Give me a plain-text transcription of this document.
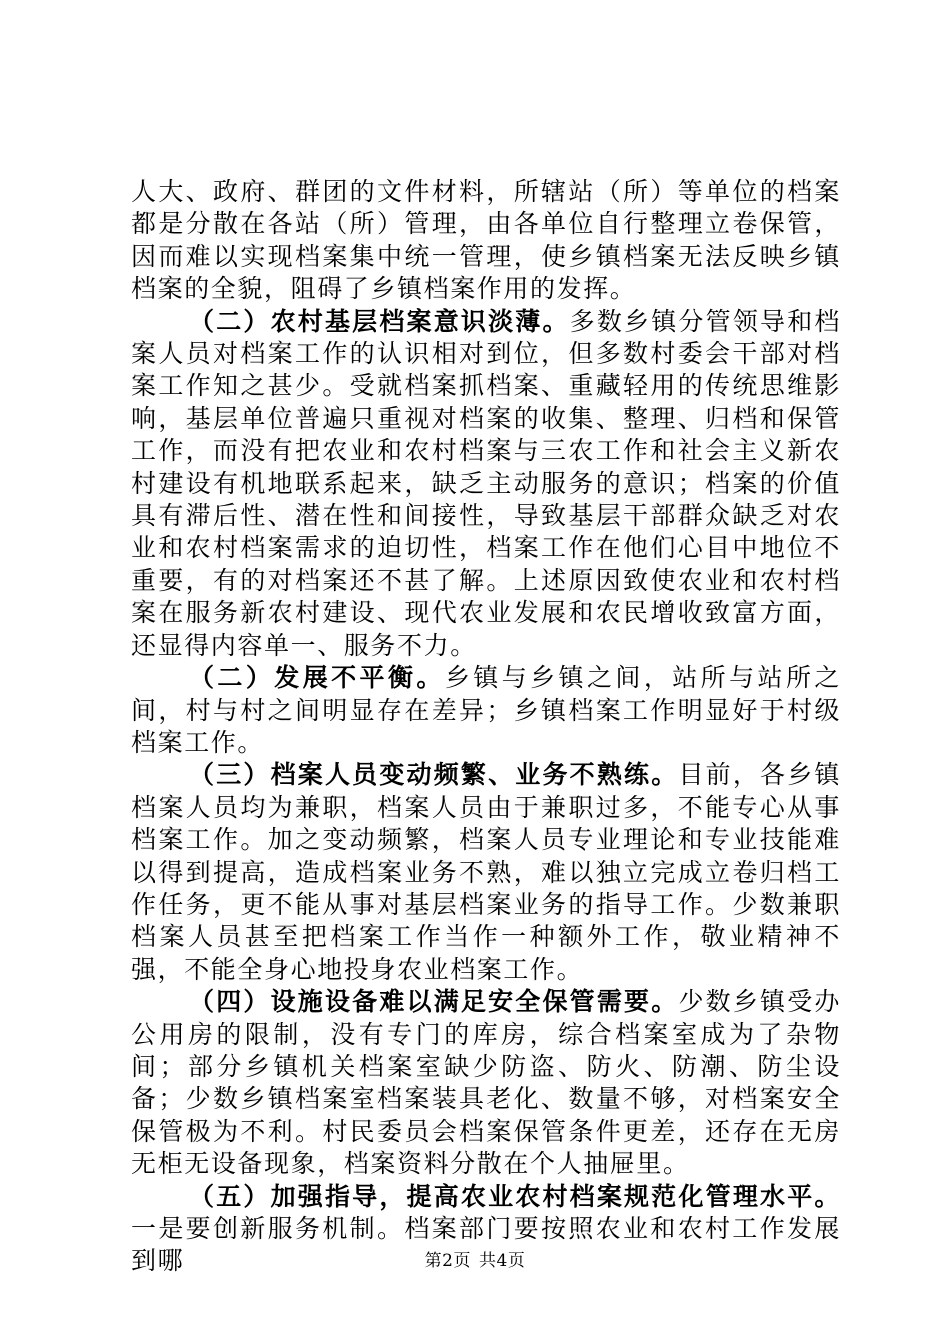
人大、政府、群团的文件材料，所辖站（所）等单位的档案都是分散在各站（所）管理，由各单位自行整理立卷保管，因而难以实现档案集中统一管理，使乡镇档案无法反映乡镇档案的全貌，阻碍了乡镇档案作用的发挥。

（二）农村基层档案意识淡薄。多数乡镇分管领导和档案人员对档案工作的认识相对到位，但多数村委会干部对档案工作知之甚少。受就档案抓档案、重藏轻用的传统思维影响，基层单位普遍只重视对档案的收集、整理、归档和保管工作，而没有把农业和农村档案与三农工作和社会主义新农村建设有机地联系起来，缺乏主动服务的意识；档案的价值具有滞后性、潜在性和间接性，导致基层干部群众缺乏对农业和农村档案需求的迫切性，档案工作在他们心目中地位不重要，有的对档案还不甚了解。上述原因致使农业和农村档案在服务新农村建设、现代农业发展和农民增收致富方面，还显得内容单一、服务不力。

（二）发展不平衡。乡镇与乡镇之间，站所与站所之间，村与村之间明显存在差异；乡镇档案工作明显好于村级档案工作。

（三）档案人员变动频繁、业务不熟练。目前，各乡镇档案人员均为兼职，档案人员由于兼职过多，不能专心从事档案工作。加之变动频繁，档案人员专业理论和专业技能难以得到提高，造成档案业务不熟，难以独立完成立卷归档工作任务，更不能从事对基层档案业务的指导工作。少数兼职档案人员甚至把档案工作当作一种额外工作，敬业精神不强，不能全身心地投身农业档案工作。

（四）设施设备难以满足安全保管需要。少数乡镇受办公用房的限制，没有专门的库房，综合档案室成为了杂物间；部分乡镇机关档案室缺少防盗、防火、防潮、防尘设备；少数乡镇档案室档案装具老化、数量不够，对档案安全保管极为不利。村民委员会档案保管条件更差，还存在无房无柜无设备现象，档案资料分散在个人抽屉里。

（五）加强指导，提高农业农村档案规范化管理水平。一是要创新服务机制。档案部门要按照农业和农村工作发展到哪	第2页 共4页
